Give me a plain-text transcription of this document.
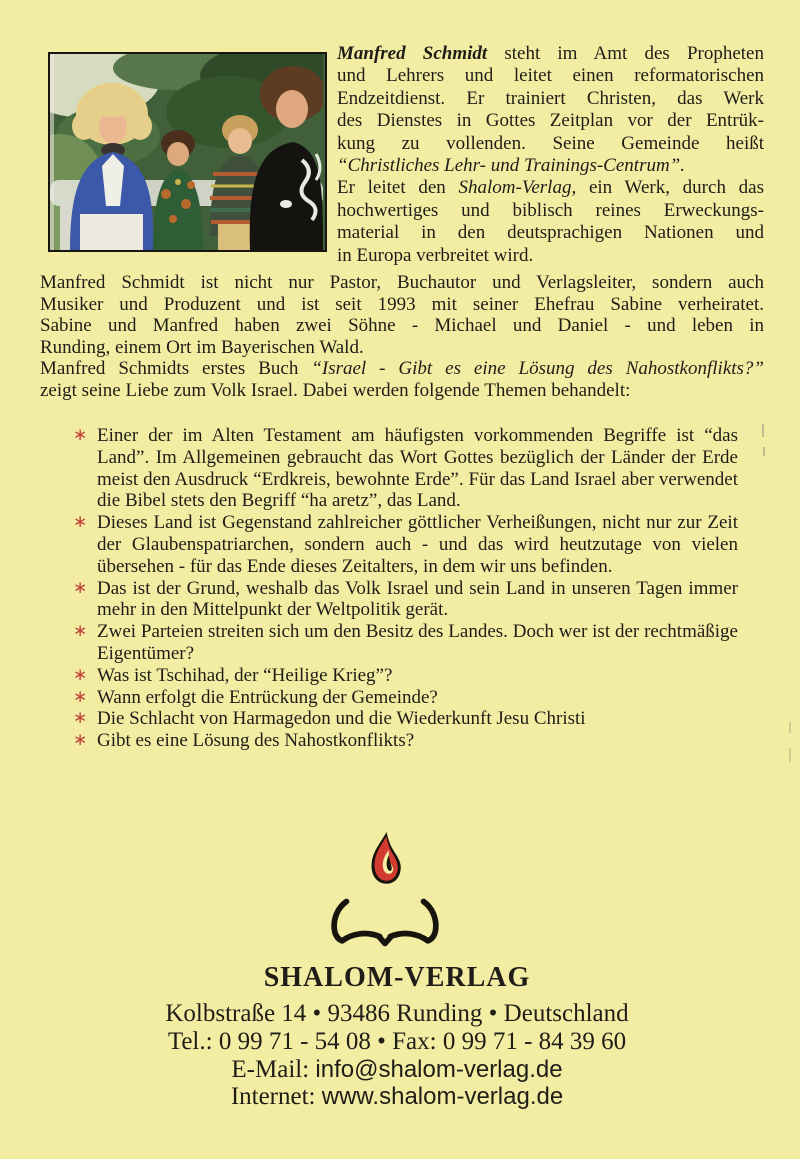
Manfred Schmidt steht im Amt des Propheten
und Lehrers und leitet einen reformatorischen
Endzeitdienst. Er trainiert Christen, das Werk
des Dienstes in Gottes Zeitplan vor der Entrük-
kung zu vollenden. Seine Gemeinde heißt
“Christliches Lehr- und Trainings-Centrum”.
Er leitet den Shalom-Verlag, ein Werk, durch das
hochwertiges und biblisch reines Erweckungs-
material in den deutsprachigen Nationen und
in Europa verbreitet wird.
Manfred Schmidt ist nicht nur Pastor, Buchautor und Verlagsleiter, sondern auch
Musiker und Produzent und ist seit 1993 mit seiner Ehefrau Sabine verheiratet.
Sabine und Manfred haben zwei Söhne - Michael und Daniel - und leben in
Runding, einem Ort im Bayerischen Wald.
Manfred Schmidts erstes Buch “Israel - Gibt es eine Lösung des Nahostkonflikts?”
zeigt seine Liebe zum Volk Israel. Dabei werden folgende Themen behandelt:
∗ Einer der im Alten Testament am häufigsten vorkommenden Begriffe ist “das Land”. Im Allgemeinen gebraucht das Wort Gottes bezüglich der Länder der Erde meist den Ausdruck “Erdkreis, bewohnte Erde”. Für das Land Israel aber verwendet die Bibel stets den Begriff “ha aretz”, das Land.
∗ Dieses Land ist Gegenstand zahlreicher göttlicher Verheißungen, nicht nur zur Zeit der Glaubenspatriarchen, sondern auch - und das wird heutzutage von vielen übersehen - für das Ende dieses Zeitalters, in dem wir uns befinden.
∗ Das ist der Grund, weshalb das Volk Israel und sein Land in unseren Tagen immer mehr in den Mittelpunkt der Weltpolitik gerät.
∗ Zwei Parteien streiten sich um den Besitz des Landes. Doch wer ist der rechtmäßige Eigentümer?
∗ Was ist Tschihad, der “Heilige Krieg”?
∗ Wann erfolgt die Entrückung der Gemeinde?
∗ Die Schlacht von Harmagedon und die Wiederkunft Jesu Christi
∗ Gibt es eine Lösung des Nahostkonflikts?

SHALOM-VERLAG

Kolbstraße 14 • 93486 Runding • Deutschland

Tel.: 0 99 71 - 54 08 • Fax: 0 99 71 - 84 39 60

E-Mail: info@shalom-verlag.de

Internet: www.shalom-verlag.de
